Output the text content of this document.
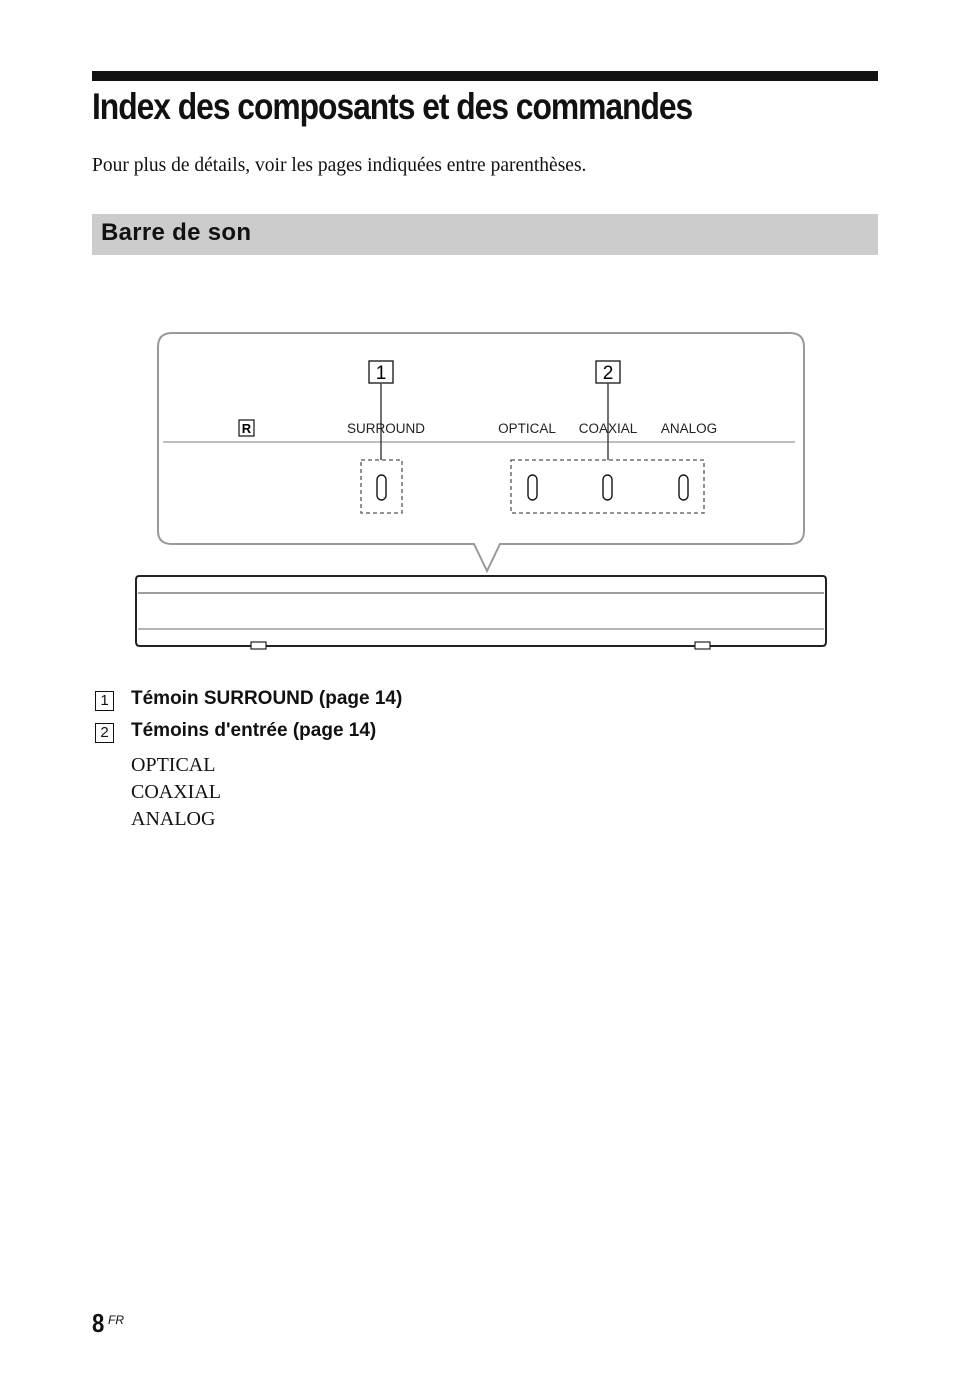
Index des composants et des commandes
Pour plus de détails, voir les pages indiquées entre parenthèses.
Barre de son
1	2
R	SURROUND	OPTICAL COAXIAL ANALOG
1 Témoin SURROUND (page 14)
2 Témoins d'entrée (page 14)
OPTICAL
COAXIAL
ANALOG
8 FR
